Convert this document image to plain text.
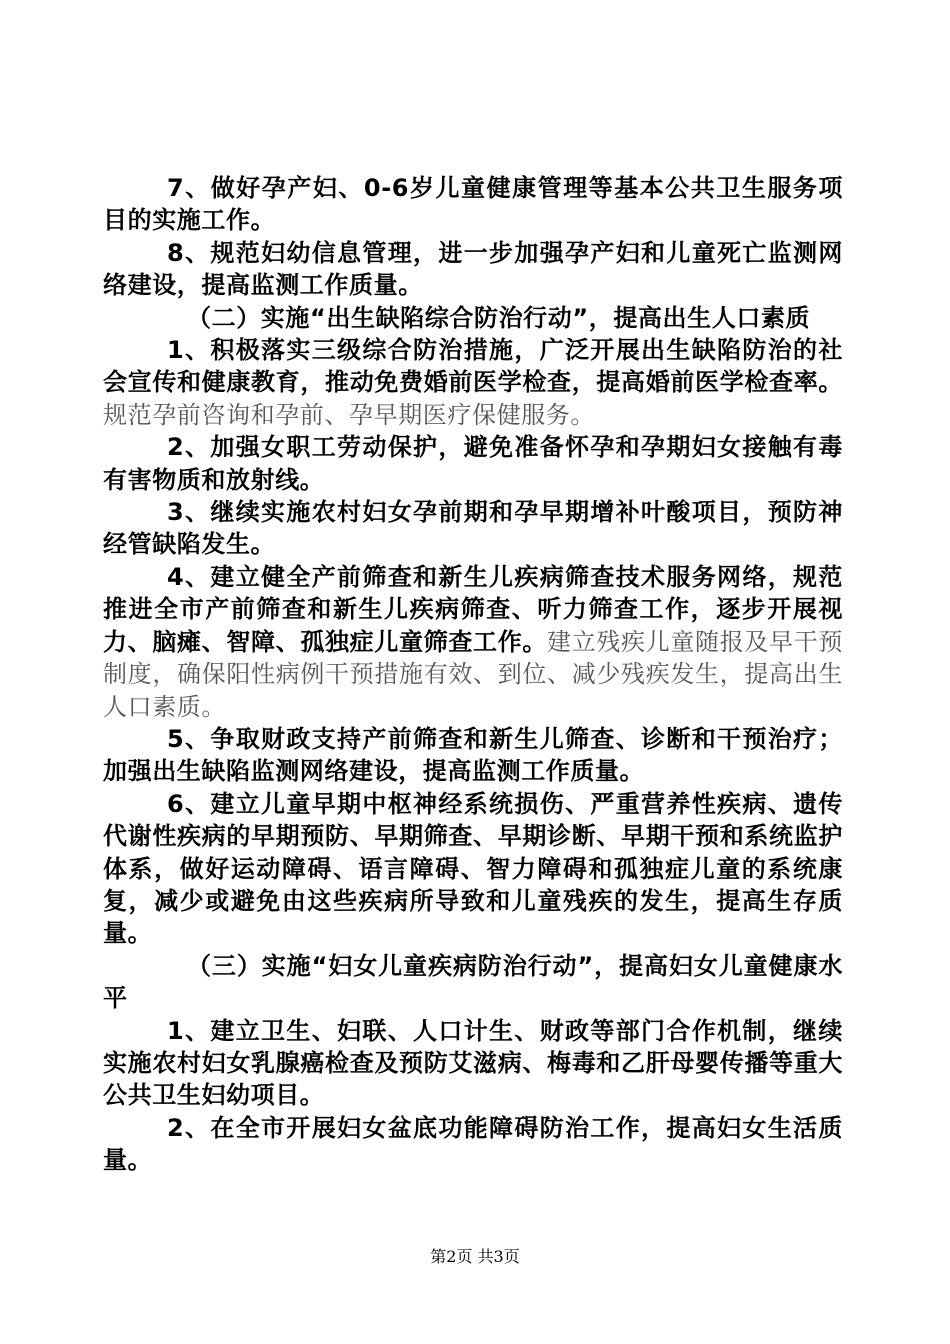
7、做好孕产妇、0-6岁儿童健康管理等基本公共卫生服务项目的实施工作。

8、规范妇幼信息管理，进一步加强孕产妇和儿童死亡监测网络建设，提高监测工作质量。

（二）实施“出生缺陷综合防治行动”，提高出生人口素质

1、积极落实三级综合防治措施，广泛开展出生缺陷防治的社会宣传和健康教育，推动免费婚前医学检查，提高婚前医学检查率。规范孕前咨询和孕前、孕早期医疗保健服务。

2、加强女职工劳动保护，避免准备怀孕和孕期妇女接触有毒有害物质和放射线。

3、继续实施农村妇女孕前期和孕早期增补叶酸项目，预防神经管缺陷发生。

4、建立健全产前筛查和新生儿疾病筛查技术服务网络，规范推进全市产前筛查和新生儿疾病筛查、听力筛查工作，逐步开展视力、脑瘫、智障、孤独症儿童筛查工作。建立残疾儿童随报及早干预制度，确保阳性病例干预措施有效、到位、减少残疾发生，提高出生人口素质。

5、争取财政支持产前筛查和新生儿筛查、诊断和干预治疗；加强出生缺陷监测网络建设，提高监测工作质量。

6、建立儿童早期中枢神经系统损伤、严重营养性疾病、遗传代谢性疾病的早期预防、早期筛查、早期诊断、早期干预和系统监护体系，做好运动障碍、语言障碍、智力障碍和孤独症儿童的系统康复，减少或避免由这些疾病所导致和儿童残疾的发生，提高生存质量。

（三）实施“妇女儿童疾病防治行动”，提高妇女儿童健康水平

1、建立卫生、妇联、人口计生、财政等部门合作机制，继续实施农村妇女乳腺癌检查及预防艾滋病、梅毒和乙肝母婴传播等重大公共卫生妇幼项目。

2、在全市开展妇女盆底功能障碍防治工作，提高妇女生活质量。

第2页 共3页
